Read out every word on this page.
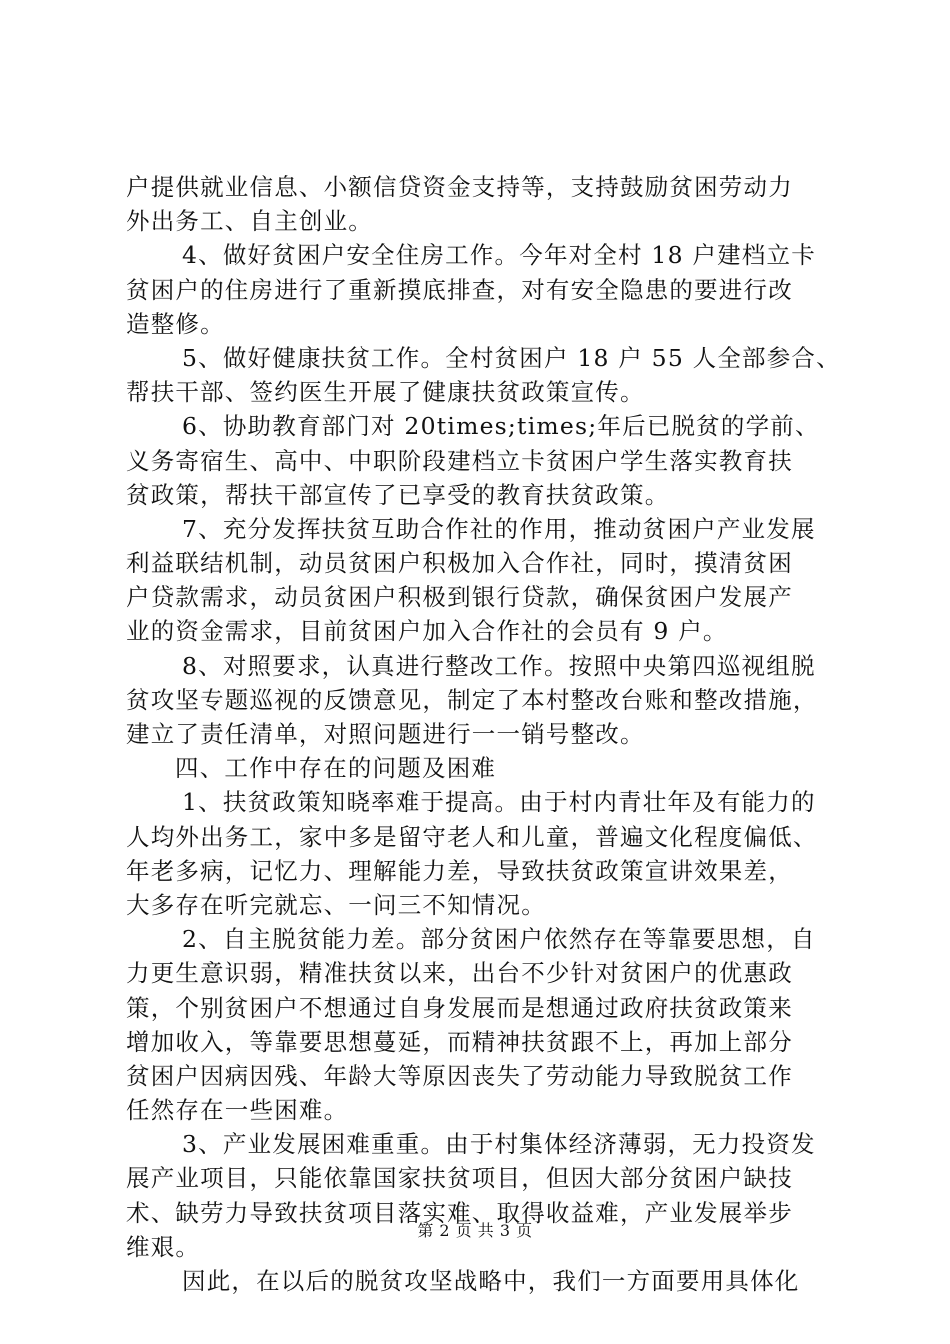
户提供就业信息、小额信贷资金支持等，支持鼓励贫困劳动力
外出务工、自主创业。
4、做好贫困户安全住房工作。今年对全村 18 户建档立卡
贫困户的住房进行了重新摸底排查，对有安全隐患的要进行改
造整修。
5、做好健康扶贫工作。全村贫困户 18 户 55 人全部参合、
帮扶干部、签约医生开展了健康扶贫政策宣传。
6、协助教育部门对 20times;times;年后已脱贫的学前、
义务寄宿生、高中、中职阶段建档立卡贫困户学生落实教育扶
贫政策，帮扶干部宣传了已享受的教育扶贫政策。
7、充分发挥扶贫互助合作社的作用，推动贫困户产业发展
利益联结机制，动员贫困户积极加入合作社，同时，摸清贫困
户贷款需求，动员贫困户积极到银行贷款，确保贫困户发展产
业的资金需求，目前贫困户加入合作社的会员有 9 户。
8、对照要求，认真进行整改工作。按照中央第四巡视组脱
贫攻坚专题巡视的反馈意见，制定了本村整改台账和整改措施，
建立了责任清单，对照问题进行一一销号整改。
四、工作中存在的问题及困难
1、扶贫政策知晓率难于提高。由于村内青壮年及有能力的
人均外出务工，家中多是留守老人和儿童，普遍文化程度偏低、
年老多病，记忆力、理解能力差，导致扶贫政策宣讲效果差，
大多存在听完就忘、一问三不知情况。
2、自主脱贫能力差。部分贫困户依然存在等靠要思想，自
力更生意识弱，精准扶贫以来，出台不少针对贫困户的优惠政
策，个别贫困户不想通过自身发展而是想通过政府扶贫政策来
增加收入，等靠要思想蔓延，而精神扶贫跟不上，再加上部分
贫困户因病因残、年龄大等原因丧失了劳动能力导致脱贫工作
任然存在一些困难。
3、产业发展困难重重。由于村集体经济薄弱，无力投资发
展产业项目，只能依靠国家扶贫项目，但因大部分贫困户缺技
术、缺劳力导致扶贫项目落实难、取得收益难，产业发展举步
维艰。
因此，在以后的脱贫攻坚战略中，我们一方面要用具体化
第 2 页 共 3 页
